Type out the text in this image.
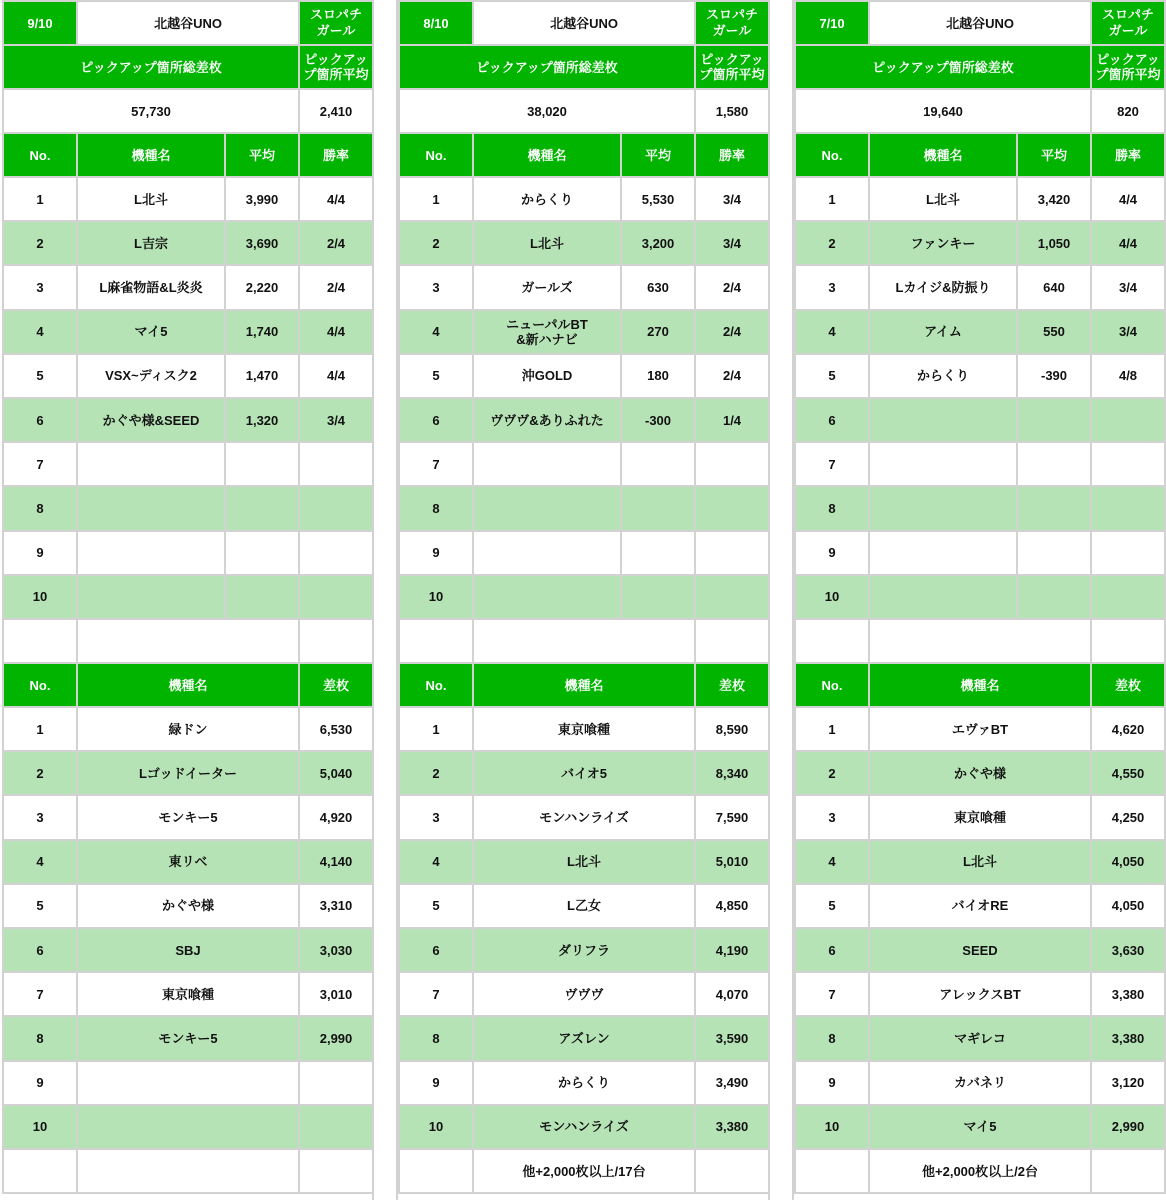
9/10	北越谷UNO		スロパチ
ガール
ピックアップ箇所総差枚			ピックアップ箇所平均
57,730			2,410
No.	機種名	平均	勝率
1	L北斗	3,990	4/4
2	L吉宗	3,690	2/4
3	L麻雀物語&L炎炎	2,220	2/4
4	マイ5	1,740	4/4
5	VSX~ディスク2	1,470	4/4
6	かぐや様&SEED	1,320	3/4
7			
8			
9			
10			

No.	機種名		差枚
1	緑ドン		6,530
2	Lゴッドイーター		5,040
3	モンキー5		4,920
4	東リベ		4,140
5	かぐや様		3,310
6	SBJ		3,030
7	東京喰種		3,010
8	モンキー5		2,990
9			
10			

8/10	北越谷UNO		スロパチ
ガール
ピックアップ箇所総差枚			ピックアップ箇所平均
38,020			1,580
No.	機種名	平均	勝率
1	からくり	5,530	3/4
2	L北斗	3,200	3/4
3	ガールズ	630	2/4
4	ニューパルBT
&新ハナビ	270	2/4
5	沖GOLD	180	2/4
6	ヴヴヴ&ありふれた	-300	1/4
7			
8			
9			
10			

No.	機種名		差枚
1	東京喰種		8,590
2	バイオ5		8,340
3	モンハンライズ		7,590
4	L北斗		5,010
5	L乙女		4,850
6	ダリフラ		4,190
7	ヴヴヴ		4,070
8	アズレン		3,590
9	からくり		3,490
10	モンハンライズ		3,380
	他+2,000枚以上/17台		
7/10	北越谷UNO		スロパチ
ガール
ピックアップ箇所総差枚			ピックアップ箇所平均
19,640			820
No.	機種名	平均	勝率
1	L北斗	3,420	4/4
2	ファンキー	1,050	4/4
3	Lカイジ&防振り	640	3/4
4	アイム	550	3/4
5	からくり	-390	4/8
6			
7			
8			
9			
10			

No.	機種名		差枚
1	エヴァBT		4,620
2	かぐや様		4,550
3	東京喰種		4,250
4	L北斗		4,050
5	バイオRE		4,050
6	SEED		3,630
7	アレックスBT		3,380
8	マギレコ		3,380
9	カバネリ		3,120
10	マイ5		2,990
	他+2,000枚以上/2台		
